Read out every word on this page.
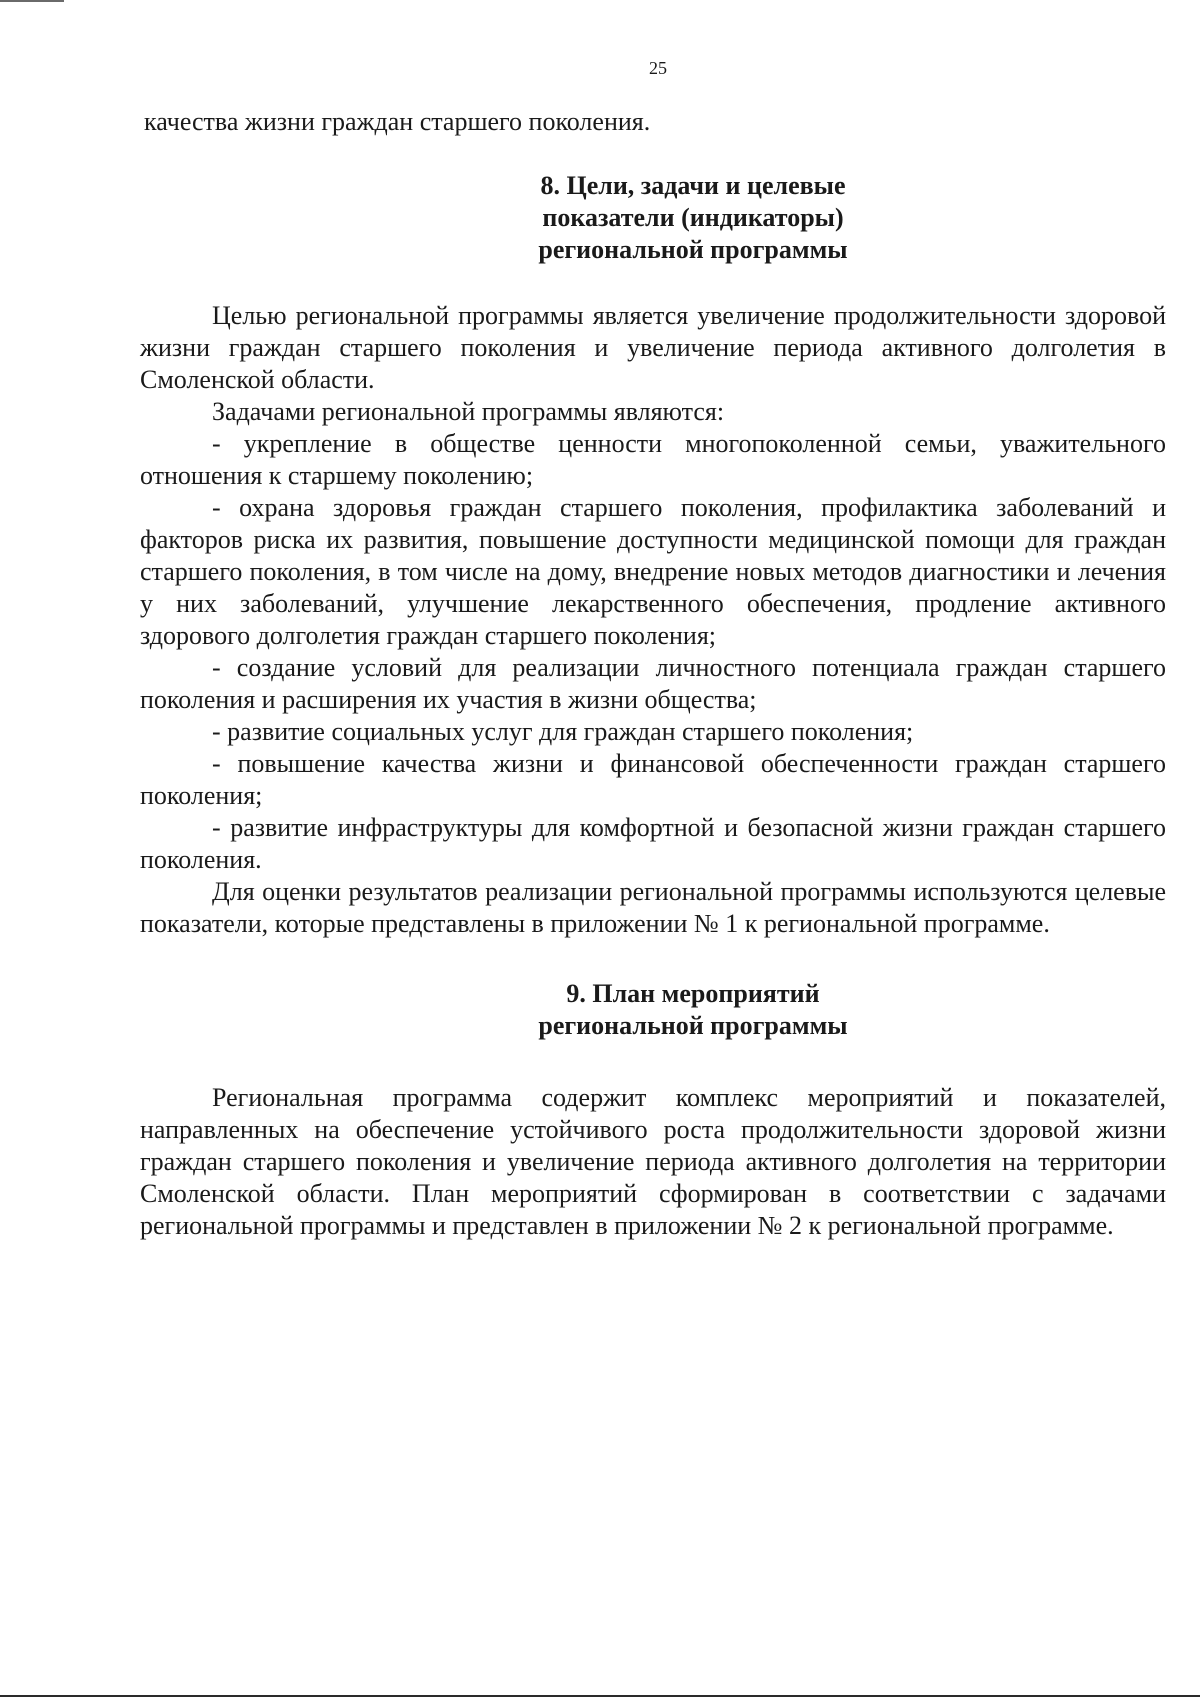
25
качества жизни граждан старшего поколения.
8. Цели, задачи и целевые
показатели (индикаторы)
региональной программы

Целью региональной программы является увеличение продолжительности здоровой жизни граждан старшего поколения и увеличение периода активного долголетия в Смоленской области.

Задачами региональной программы являются:

- укрепление в обществе ценности многопоколенной семьи, уважительного отношения к старшему поколению;

- охрана здоровья граждан старшего поколения, профилактика заболеваний и факторов риска их развития, повышение доступности медицинской помощи для граждан старшего поколения, в том числе на дому, внедрение новых методов диагностики и лечения у них заболеваний, улучшение лекарственного обеспечения, продление активного здорового долголетия граждан старшего поколения;

- создание условий для реализации личностного потенциала граждан старшего поколения и расширения их участия в жизни общества;

- развитие социальных услуг для граждан старшего поколения;

- повышение качества жизни и финансовой обеспеченности граждан старшего поколения;

- развитие инфраструктуры для комфортной и безопасной жизни граждан старшего поколения.

Для оценки результатов реализации региональной программы используются целевые показатели, которые представлены в приложении № 1 к региональной программе.

9. План мероприятий
региональной программы

Региональная программа содержит комплекс мероприятий и показателей, направленных на обеспечение устойчивого роста продолжительности здоровой жизни граждан старшего поколения и увеличение периода активного долголетия на территории Смоленской области. План мероприятий сформирован в соответствии с задачами региональной программы и представлен в приложении № 2 к региональной программе.
